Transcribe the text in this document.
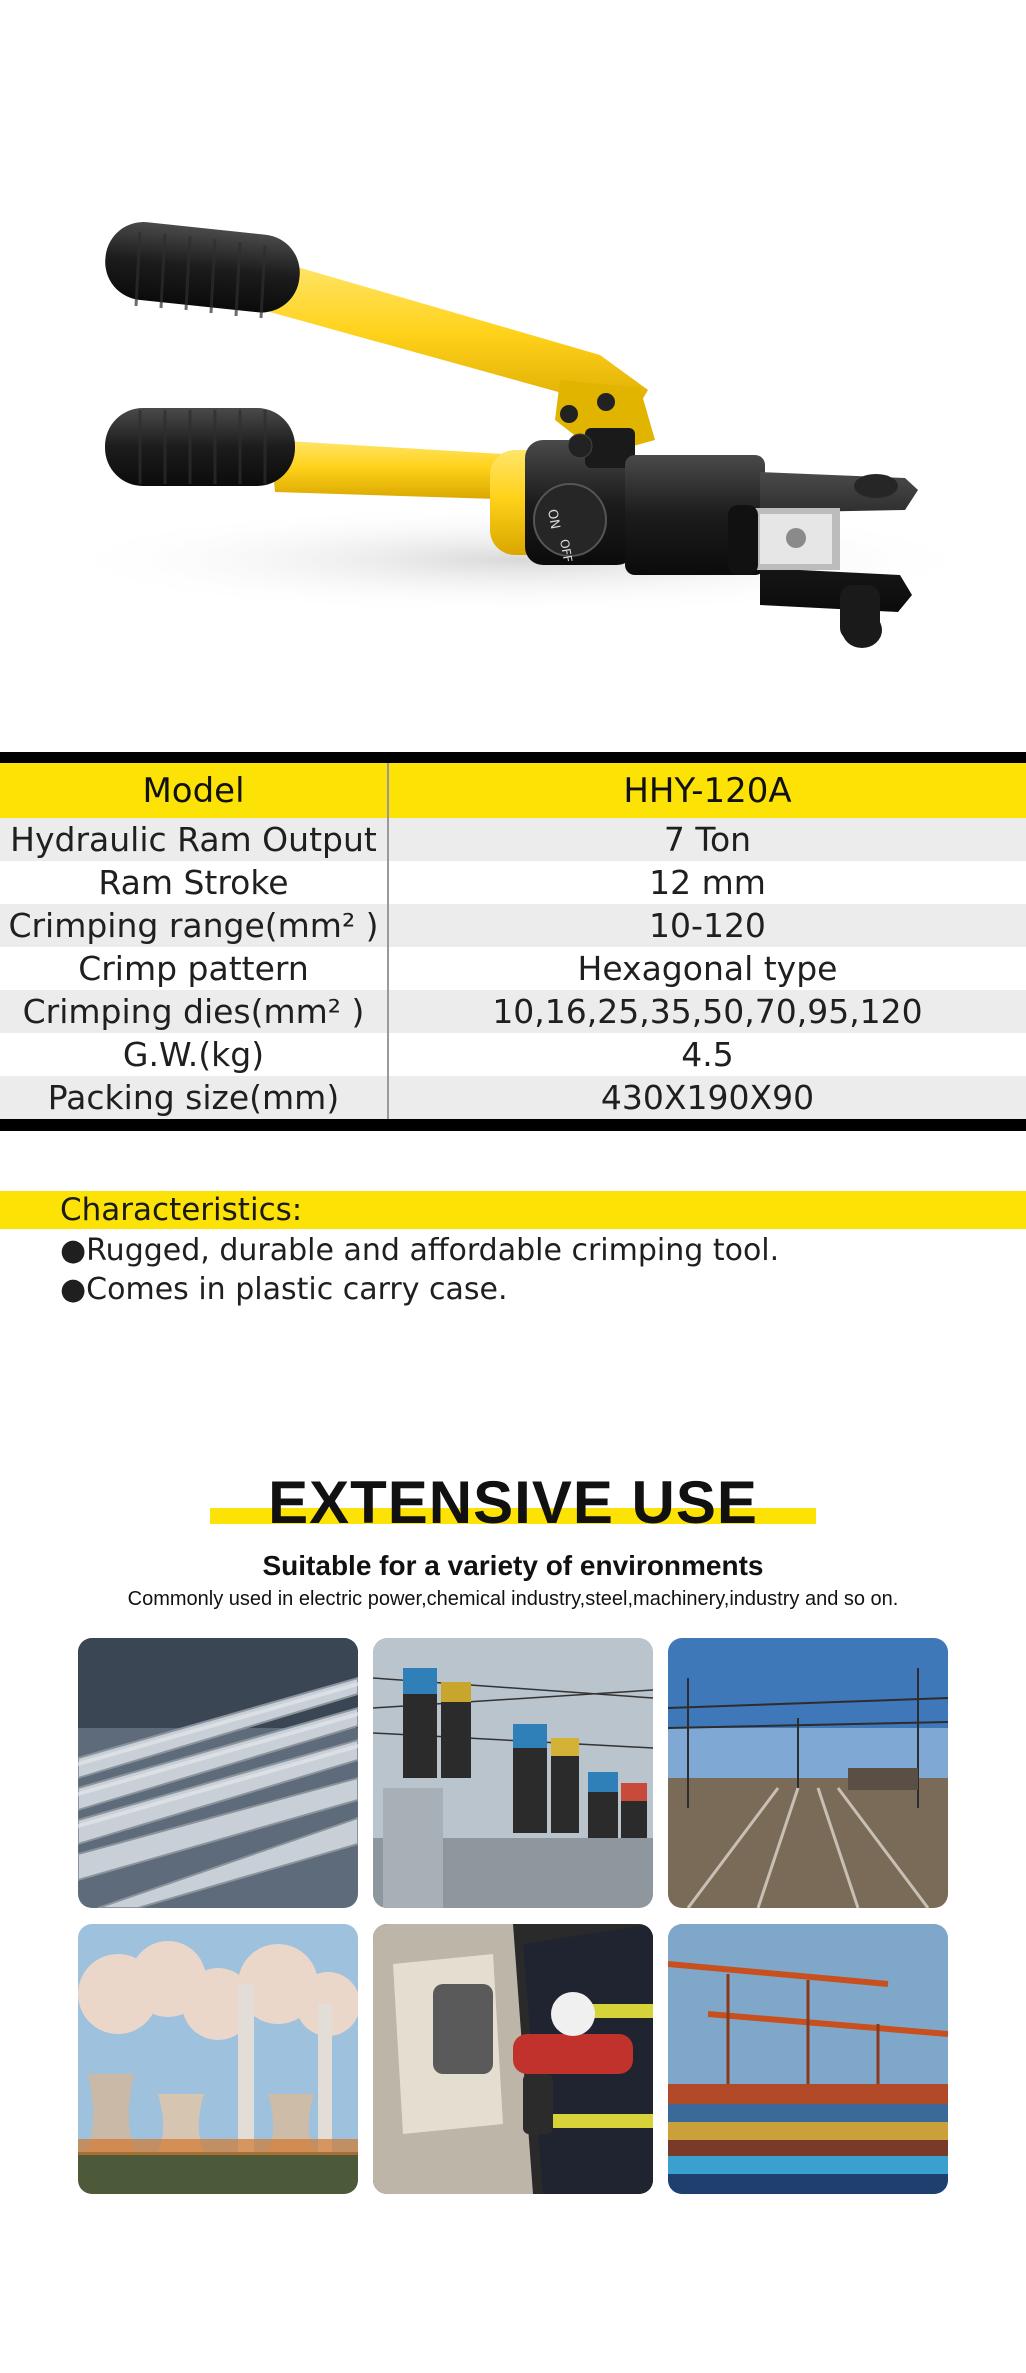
ON
OFF
Model	HHY-120A
Hydraulic Ram Output	7 Ton
Ram Stroke	12 mm
Crimping range(mm² )	10-120
Crimp pattern	Hexagonal type
Crimping dies(mm² )	10,16,25,35,50,70,95,120
G.W.(kg)	4.5
Packing size(mm)	430X190X90
Characteristics:
●Rugged, durable and affordable crimping tool.
●Comes in plastic carry case.
EXTENSIVE USE
Suitable for a variety of environments
Commonly used in electric power,chemical industry,steel,machinery,industry and so on.
